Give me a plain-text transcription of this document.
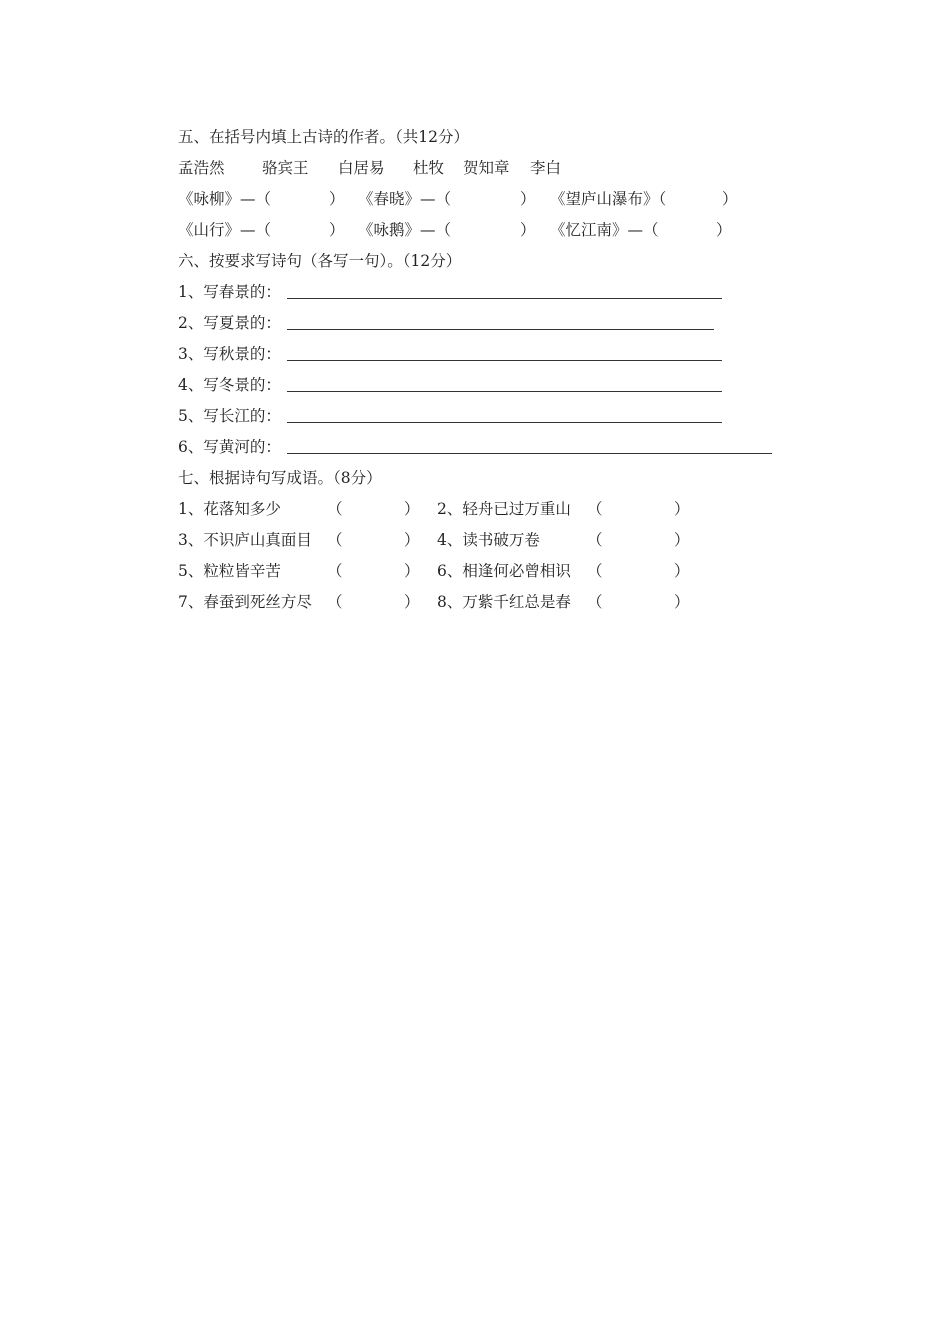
五、在括号内填上古诗的作者。（共12分）
孟浩然 骆宾王 白居易 杜牧 贺知章 李白
《咏柳》—（	） 《春晓》—（	） 《望庐山瀑布》（	）
《山行》—（	） 《咏鹅》—（	） 《忆江南》—（	）
六、按要求写诗句（各写一句）。（12分）
1、写春景的：
2、写夏景的：
3、写秋景的：
4、写冬景的：
5、写长江的：
6、写黄河的：
七、根据诗句写成语。（8分）
1、花落知多少	（	） 2、轻舟已过万重山 （	）
3、不识庐山真面目 （	） 4、读书破万卷	（	）
5、粒粒皆辛苦	（	） 6、相逢何必曾相识 （	）
7、春蚕到死丝方尽 （	） 8、万紫千红总是春 （	）
